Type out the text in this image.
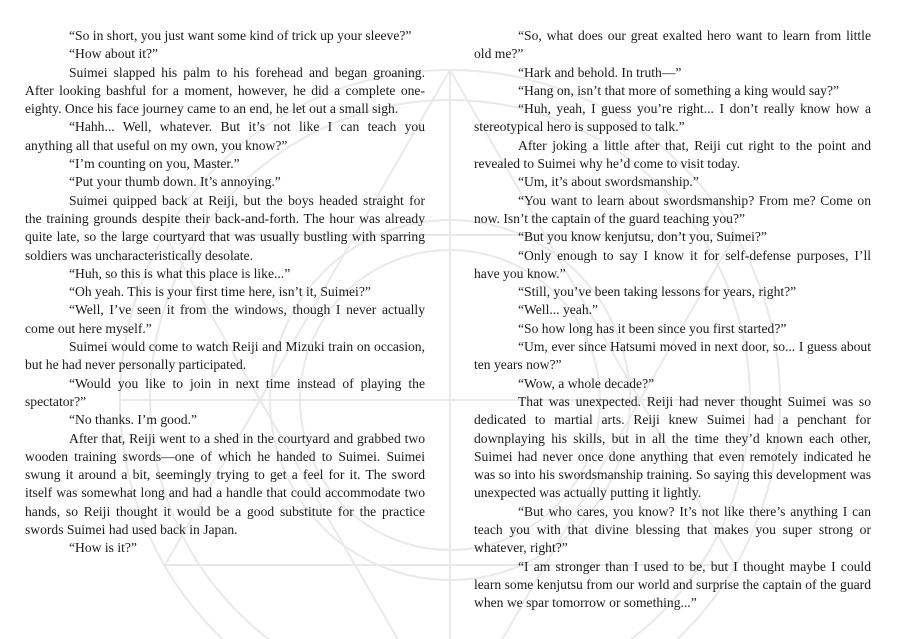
“So in short, you just want some kind of trick up your sleeve?”

“How about it?”

Suimei slapped his palm to his forehead and began groaning. After looking bashful for a moment, however, he did a complete one-eighty. Once his face journey came to an end, he let out a small sigh.

“Hahh... Well, whatever. But it’s not like I can teach you anything all that useful on my own, you know?”

“I’m counting on you, Master.”

“Put your thumb down. It’s annoying.”

Suimei quipped back at Reiji, but the boys headed straight for the training grounds despite their back-and-forth. The hour was already quite late, so the large courtyard that was usually bustling with sparring soldiers was uncharacteristically desolate.

“Huh, so this is what this place is like...”

“Oh yeah. This is your first time here, isn’t it, Suimei?”

“Well, I’ve seen it from the windows, though I never actually come out here myself.”

Suimei would come to watch Reiji and Mizuki train on occasion, but he had never personally participated.

“Would you like to join in next time instead of playing the spectator?”

“No thanks. I’m good.”

After that, Reiji went to a shed in the courtyard and grabbed two wooden training swords—one of which he handed to Suimei. Suimei swung it around a bit, seemingly trying to get a feel for it. The sword itself was somewhat long and had a handle that could accommodate two hands, so Reiji thought it would be a good substitute for the practice swords Suimei had used back in Japan.

“How is it?”

“So, what does our great exalted hero want to learn from little old me?”

“Hark and behold. In truth—”

“Hang on, isn’t that more of something a king would say?”

“Huh, yeah, I guess you’re right... I don’t really know how a stereotypical hero is supposed to talk.”

After joking a little after that, Reiji cut right to the point and revealed to Suimei why he’d come to visit today.

“Um, it’s about swordsmanship.”

“You want to learn about swordsmanship? From me? Come on now. Isn’t the captain of the guard teaching you?”

“But you know kenjutsu, don’t you, Suimei?”

“Only enough to say I know it for self-defense purposes, I’ll have you know.”

“Still, you’ve been taking lessons for years, right?”

“Well... yeah.”

“So how long has it been since you first started?”

“Um, ever since Hatsumi moved in next door, so... I guess about ten years now?”

“Wow, a whole decade?”

That was unexpected. Reiji had never thought Suimei was so dedicated to martial arts. Reiji knew Suimei had a penchant for downplaying his skills, but in all the time they’d known each other, Suimei had never once done anything that even remotely indicated he was so into his swordsmanship training. So saying this development was unexpected was actually putting it lightly.

“But who cares, you know? It’s not like there’s anything I can teach you with that divine blessing that makes you super strong or whatever, right?”

“I am stronger than I used to be, but I thought maybe I could learn some kenjutsu from our world and surprise the captain of the guard when we spar tomorrow or something...”
